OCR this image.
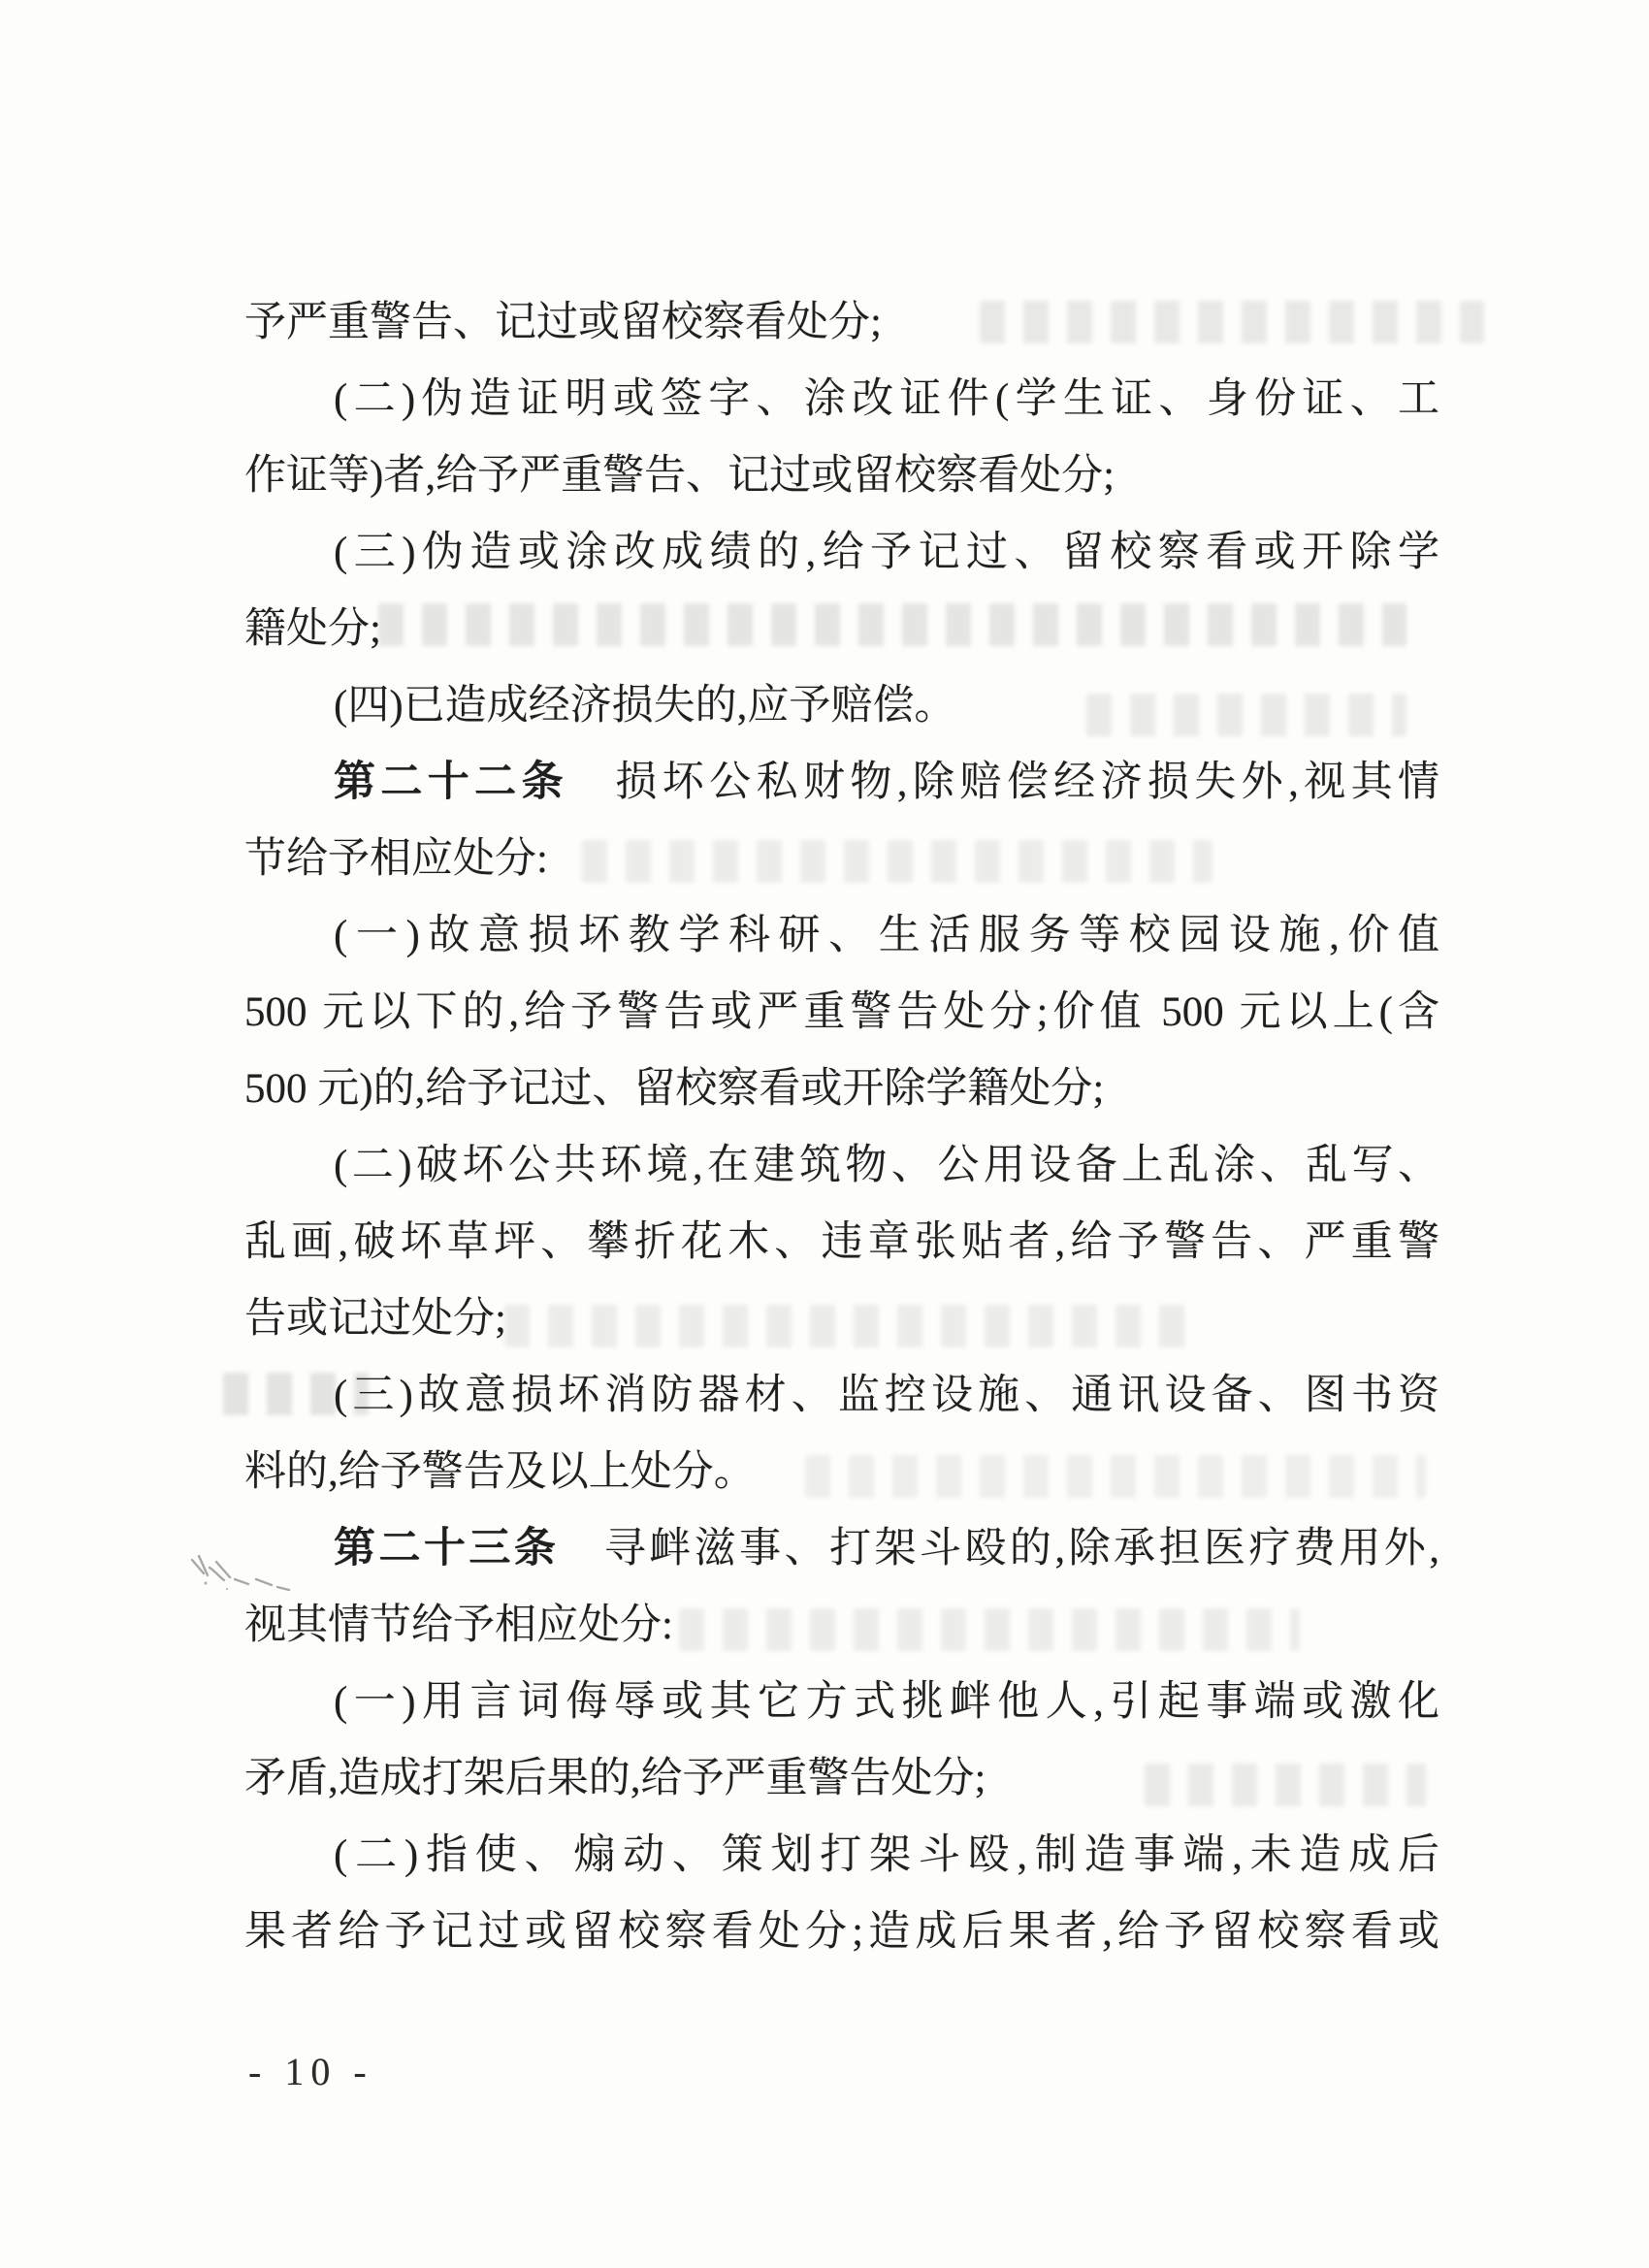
予严重警告、记过或留校察看处分;
(二)伪造证明或签字、涂改证件(学生证、身份证、工
作证等)者,给予严重警告、记过或留校察看处分;
(三)伪造或涂改成绩的,给予记过、留校察看或开除学
籍处分;
(四)已造成经济损失的,应予赔偿。
第二十二条　损坏公私财物,除赔偿经济损失外,视其情
节给予相应处分:
(一)故意损坏教学科研、生活服务等校园设施,价值
500 元以下的,给予警告或严重警告处分;价值 500 元以上(含
500 元)的,给予记过、留校察看或开除学籍处分;
(二)破坏公共环境,在建筑物、公用设备上乱涂、乱写、
乱画,破坏草坪、攀折花木、违章张贴者,给予警告、严重警
告或记过处分;
(三)故意损坏消防器材、监控设施、通讯设备、图书资
料的,给予警告及以上处分。
第二十三条　寻衅滋事、打架斗殴的,除承担医疗费用外,
视其情节给予相应处分:
(一)用言词侮辱或其它方式挑衅他人,引起事端或激化
矛盾,造成打架后果的,给予严重警告处分;
(二)指使、煽动、策划打架斗殴,制造事端,未造成后
果者给予记过或留校察看处分;造成后果者,给予留校察看或
- 10 -
